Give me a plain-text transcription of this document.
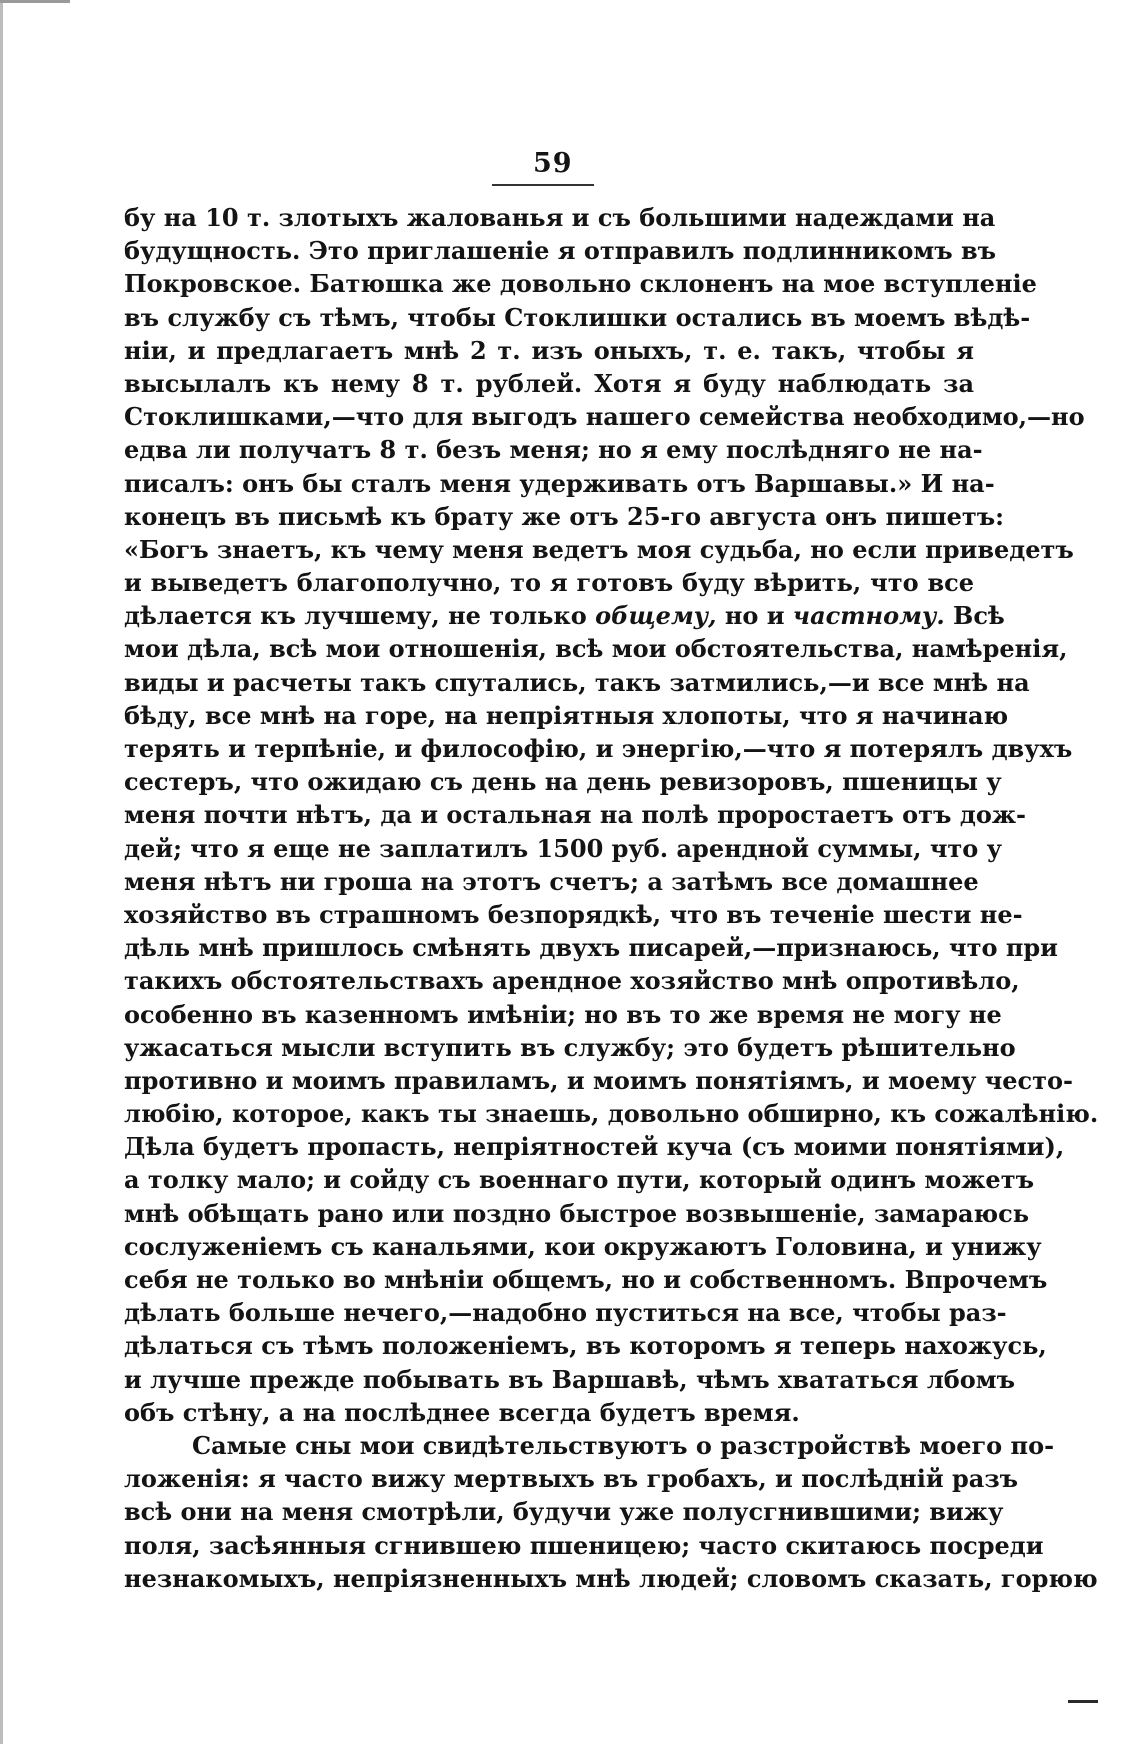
59
бу на 10 т. злотыхъ жалованья и съ большими надеждами на
будущность. Это приглашеніе я отправилъ подлинникомъ въ
Покровское. Батюшка же довольно склоненъ на мое вступленіе
въ службу съ тѣмъ, чтобы Стоклишки остались въ моемъ вѣдѣ-
ніи, и предлагаетъ мнѣ 2 т. изъ оныхъ, т. е. такъ, чтобы я
высылалъ къ нему 8 т. рублей. Хотя я буду наблюдать за
Стоклишками,—что для выгодъ нашего семейства необходимо,—но
едва ли получатъ 8 т. безъ меня; но я ему послѣдняго не на-
писалъ: онъ бы сталъ меня удерживать отъ Варшавы.» И на-
конецъ въ письмѣ къ брату же отъ 25-го августа онъ пишетъ:
«Богъ знаетъ, къ чему меня ведетъ моя судьба, но если приведетъ
и выведетъ благополучно, то я готовъ буду вѣрить, что все
дѣлается къ лучшему, не только общему, но и частному. Всѣ
мои дѣла, всѣ мои отношенія, всѣ мои обстоятельства, намѣренія,
виды и расчеты такъ спутались, такъ затмились,—и все мнѣ на
бѣду, все мнѣ на горе, на непріятныя хлопоты, что я начинаю
терять и терпѣніе, и философію, и энергію,—что я потерялъ двухъ
сестеръ, что ожидаю съ день на день ревизоровъ, пшеницы у
меня почти нѣтъ, да и остальная на полѣ проростаетъ отъ дож-
дей; что я еще не заплатилъ 1500 руб. арендной суммы, что у
меня нѣтъ ни гроша на этотъ счетъ; а затѣмъ все домашнее
хозяйство въ страшномъ безпорядкѣ, что въ теченіе шести не-
дѣль мнѣ пришлось смѣнять двухъ писарей,—признаюсь, что при
такихъ обстоятельствахъ арендное хозяйство мнѣ опротивѣло,
особенно въ казенномъ имѣніи; но въ то же время не могу не
ужасаться мысли вступить въ службу; это будетъ рѣшительно
противно и моимъ правиламъ, и моимъ понятіямъ, и моему често-
любію, которое, какъ ты знаешь, довольно обширно, къ сожалѣнію.
Дѣла будетъ пропасть, непріятностей куча (съ моими понятіями),
а толку мало; и сойду съ военнаго пути, который одинъ можетъ
мнѣ обѣщать рано или поздно быстрое возвышеніе, замараюсь
сослуженіемъ съ канальями, кои окружаютъ Головина, и унижу
себя не только во мнѣніи общемъ, но и собственномъ. Впрочемъ
дѣлать больше нечего,—надобно пуститься на все, чтобы раз-
дѣлаться съ тѣмъ положеніемъ, въ которомъ я теперь нахожусь,
и лучше прежде побывать въ Варшавѣ, чѣмъ хвататься лбомъ
объ стѣну, а на послѣднее всегда будетъ время.
Самые сны мои свидѣтельствуютъ о разстройствѣ моего по-
ложенія: я часто вижу мертвыхъ въ гробахъ, и послѣдній разъ
всѣ они на меня смотрѣли, будучи уже полусгнившими; вижу
поля, засѣянныя сгнившею пшеницею; часто скитаюсь посреди
незнакомыхъ, непріязненныхъ мнѣ людей; словомъ сказать, горюю
